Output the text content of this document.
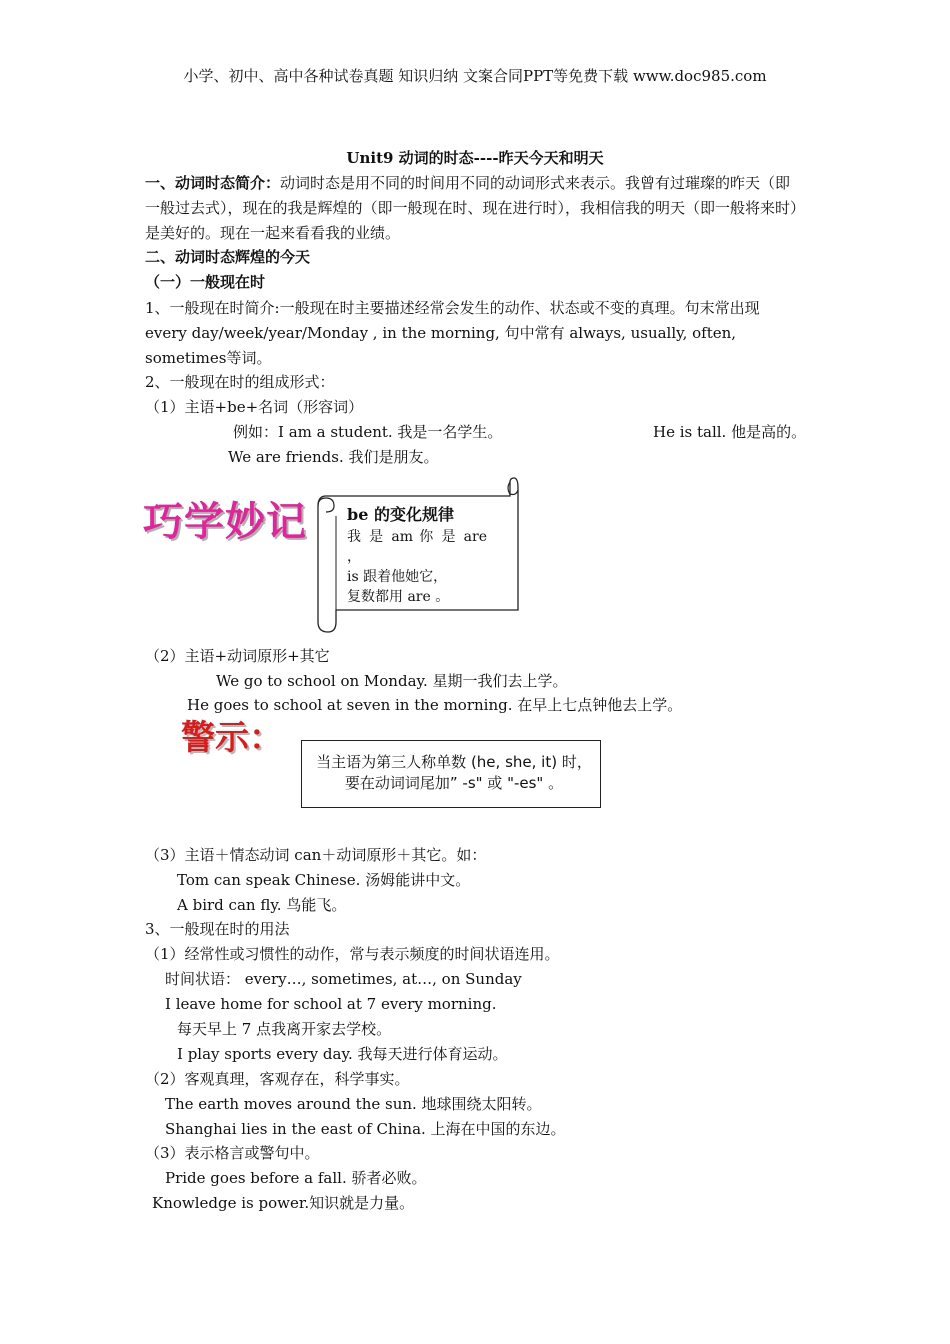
小学、初中、高中各种试卷真题 知识归纳 文案合同PPT等免费下载 www.doc985.com
Unit9 动词的时态----昨天今天和明天
一、动词时态简介：动词时态是用不同的时间用不同的动词形式来表示。我曾有过璀璨的昨天（即一般过去式），现在的我是辉煌的（即一般现在时、现在进行时），我相信我的明天（即一般将来时）是美好的。现在一起来看看我的业绩。
二、动词时态辉煌的今天
（一）一般现在时
1、一般现在时简介:一般现在时主要描述经常会发生的动作、状态或不变的真理。句末常出现 every day/week/year/Monday , in the morning, 句中常有 always, usually, often, sometimes等词。
2、一般现在时的组成形式：
（1）主语+be+名词（形容词）
例如：I am a student. 我是一名学生。	He is tall. 他是高的。
We are friends. 我们是朋友。
巧学妙记	be 的变化规律
我 是 am 你 是 are ，
is 跟着他她它，
复数都用 are 。
（2）主语+动词原形+其它
We go to school on Monday. 星期一我们去上学。
He goes to school at seven in the morning. 在早上七点钟他去上学。
警示：
当主语为第三人称单数 (he, she, it) 时，要在动词词尾加” -s" 或 "-es" 。
（3）主语＋情态动词 can＋动词原形＋其它。如：
Tom can speak Chinese. 汤姆能讲中文。
A bird can fly. 鸟能飞。
3、一般现在时的用法
（1）经常性或习惯性的动作，常与表示频度的时间状语连用。
时间状语： every…, sometimes, at…, on Sunday
I leave home for school at 7 every morning.
每天早上 7 点我离开家去学校。
I play sports every day. 我每天进行体育运动。
（2）客观真理，客观存在，科学事实。
The earth moves around the sun. 地球围绕太阳转。
Shanghai lies in the east of China. 上海在中国的东边。
（3）表示格言或警句中。
Pride goes before a fall. 骄者必败。
Knowledge is power.知识就是力量。
